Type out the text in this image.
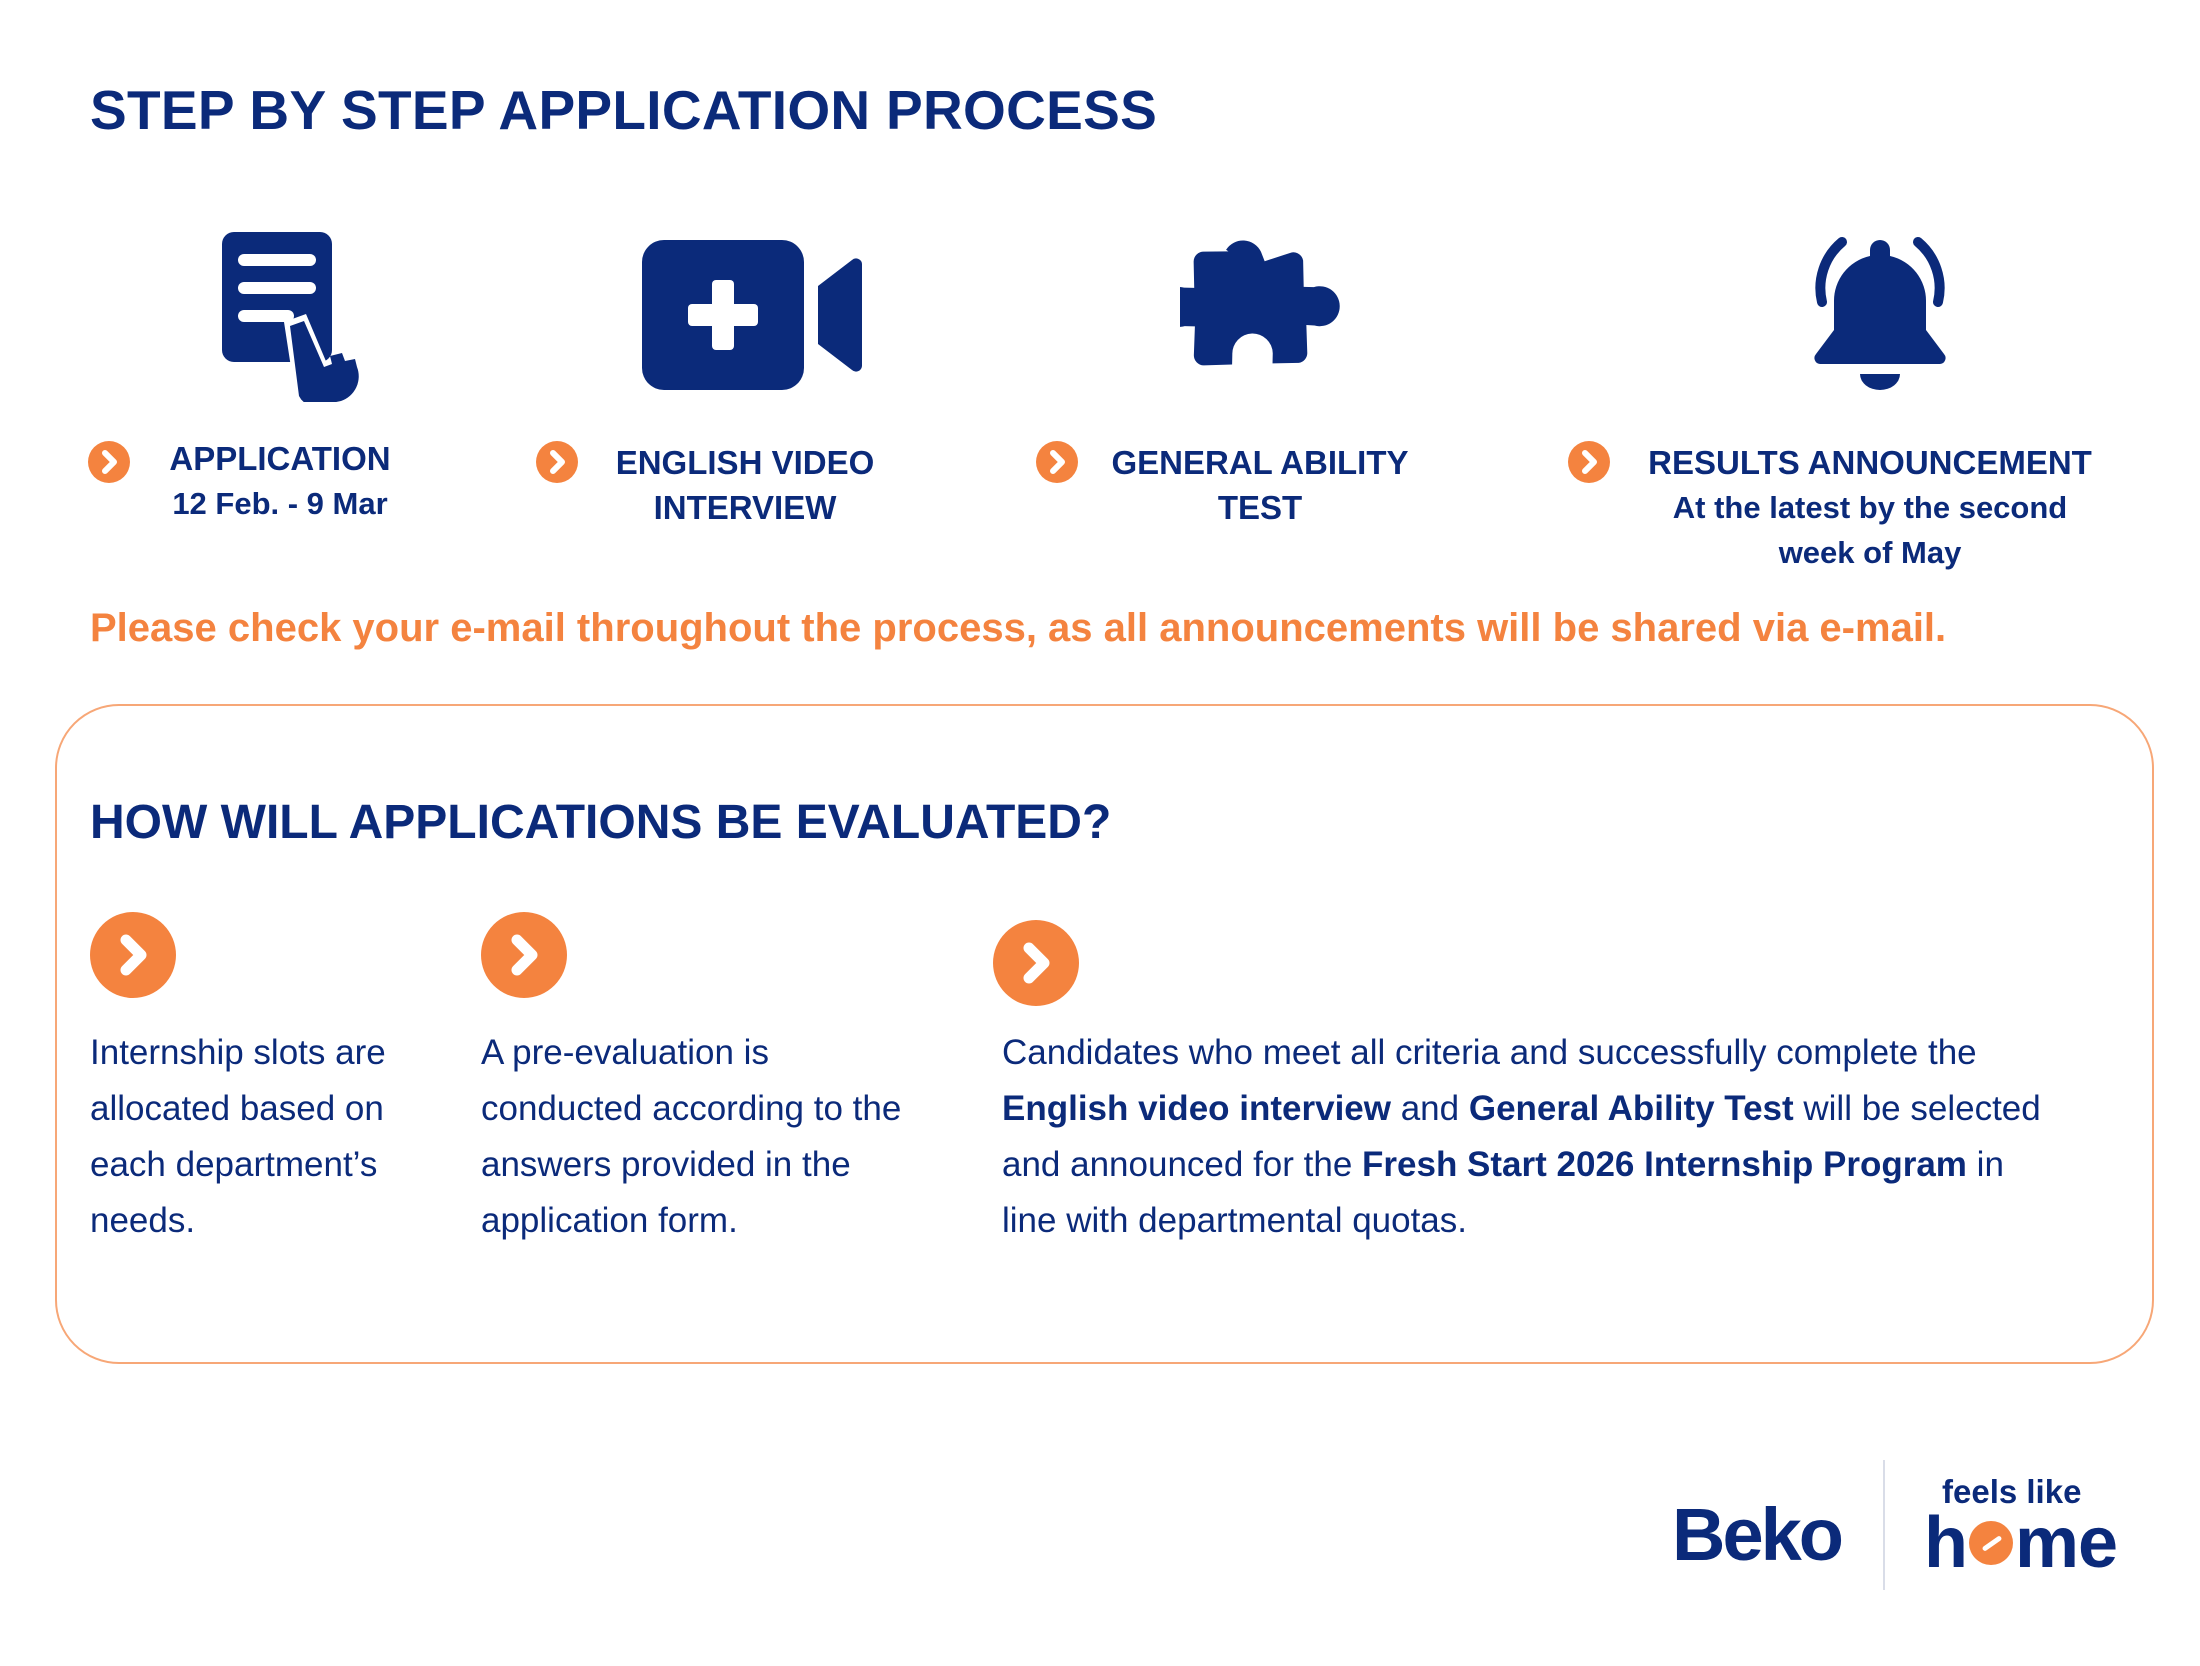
STEP BY STEP APPLICATION PROCESS
APPLICATION
12 Feb. - 9 Mar
ENGLISH VIDEO
INTERVIEW
GENERAL ABILITY
TEST
RESULTS ANNOUNCEMENT
At the latest by the second
week of May
Please check your e-mail throughout the process, as all announcements will be shared via e-mail.
HOW WILL APPLICATIONS BE EVALUATED?
Internship slots are
allocated based on
each department’s
needs.
A pre-evaluation is
conducted according to the
answers provided in the
application form.
Candidates who meet all criteria and successfully complete the
English video interview and General Ability Test will be selected
and announced for the Fresh Start 2026 Internship Program in
line with departmental quotas.
Beko
feels like
h me
